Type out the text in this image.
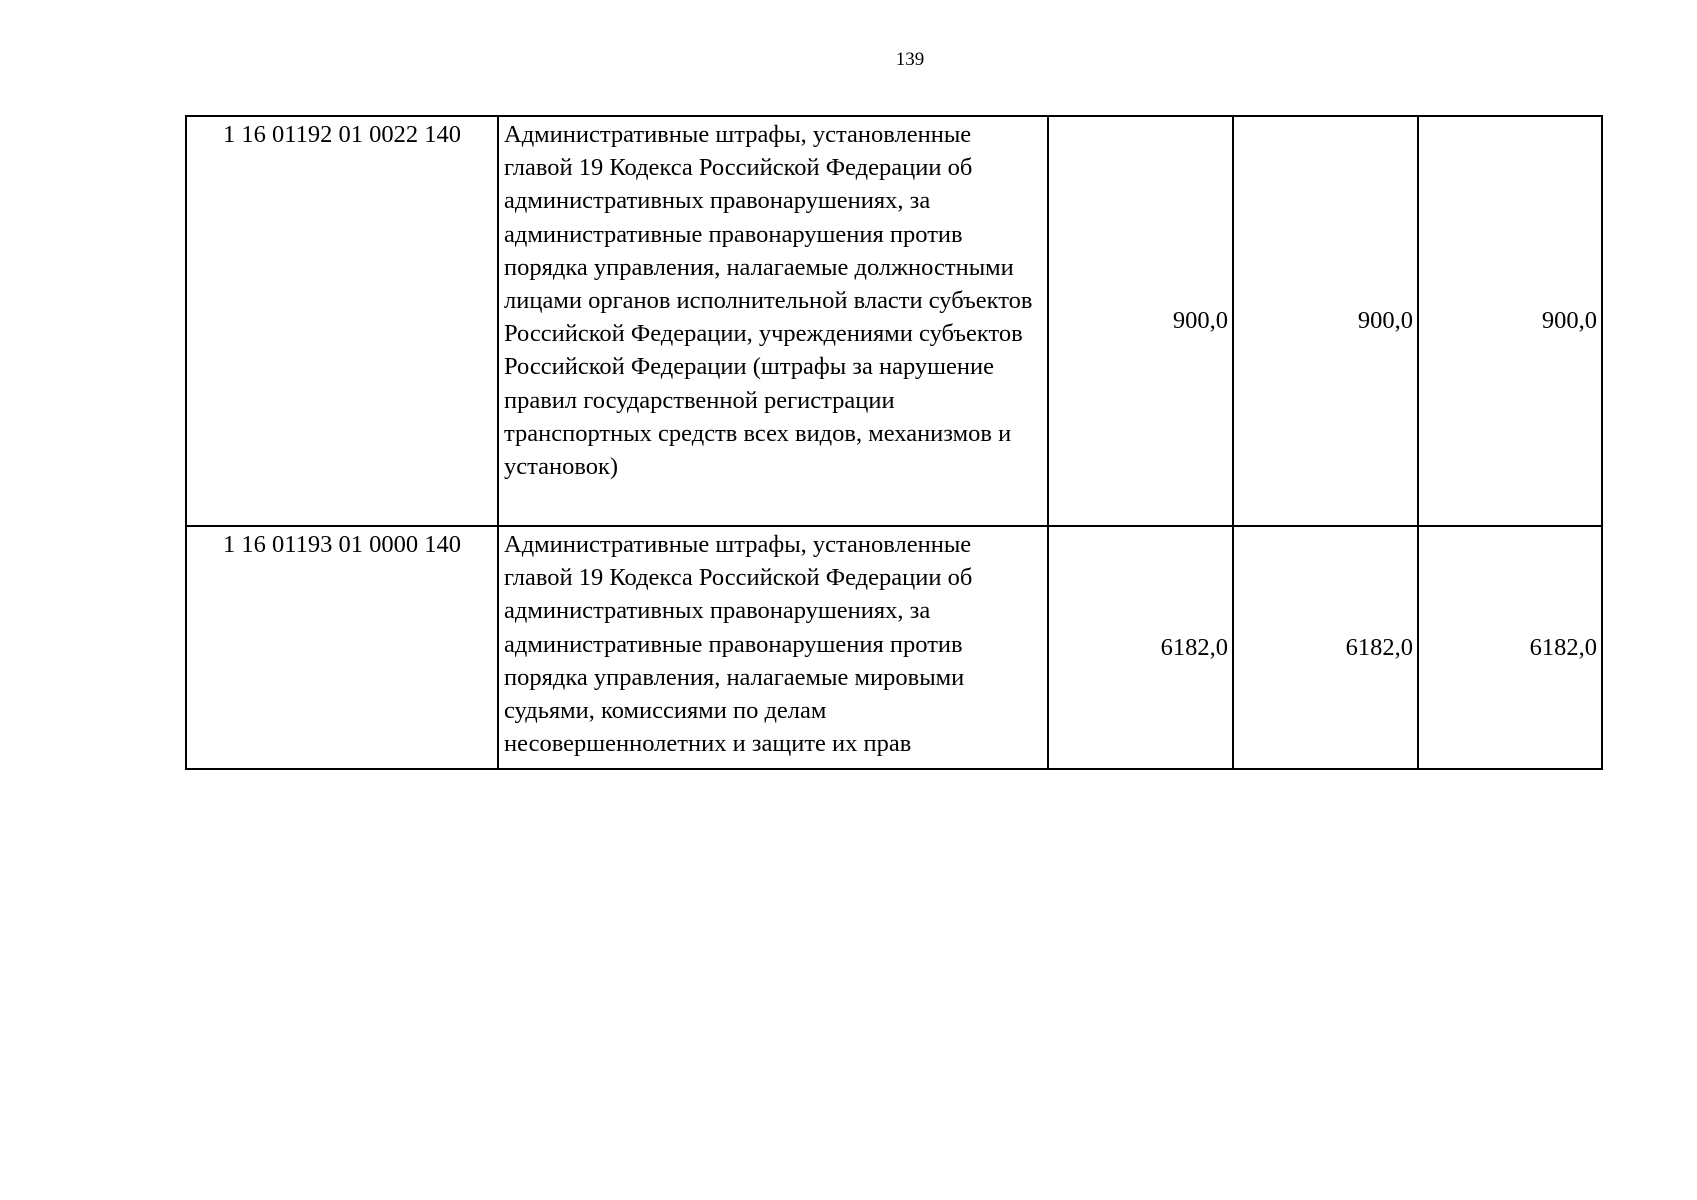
139
1 16 01192 01 0022 140	Административные штрафы, установленные главой 19 Кодекса Российской Федерации об административных правонарушениях, за административные правонарушения против порядка управления, налагаемые должностными лицами органов исполнительной власти субъектов Российской Федерации, учреждениями субъектов Российской Федерации (штрафы за нарушение правил государственной регистрации транспортных средств всех видов, механизмов и установок)	900,0	900,0	900,0
1 16 01193 01 0000 140	Административные штрафы, установленные главой 19 Кодекса Российской Федерации об административных правонарушениях, за административные правонарушения против порядка управления, налагаемые мировыми судьями, комиссиями по делам несовершеннолетних и защите их прав	6182,0	6182,0	6182,0
